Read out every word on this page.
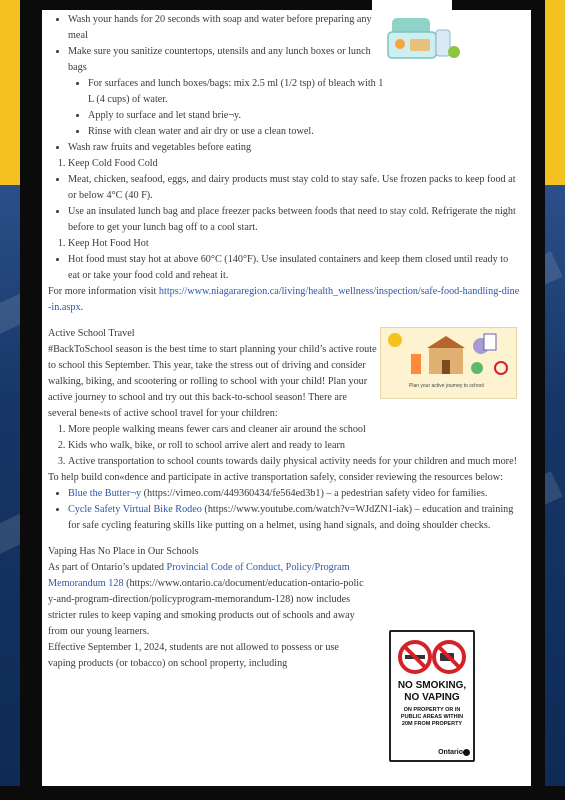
Plan your active journey to school
NO SMOKING,
NO VAPING
ON PROPERTY OR IN
PUBLIC AREAS WITHIN
20M FROM PROPERTY
Ontario
• Wash your hands for 20 seconds with soap and water before preparing any meal
• Make sure you sanitize countertops, utensils and any lunch boxes or lunch bags
• For surfaces and lunch boxes/bags: mix 2.5 ml (1/2 tsp) of bleach with 1 L (4 cups) of water.
• Apply to surface and let stand brie¬y.
• Rinse with clean water and air dry or use a clean towel.
• Wash raw fruits and vegetables before eating
1. Keep Cold Food Cold
• Meat, chicken, seafood, eggs, and dairy products must stay cold to stay safe. Use frozen packs to keep food at or below 4°C (40 F).
• Use an insulated lunch bag and place freezer packs between foods that need to stay cold. Refrigerate the night before to get your lunch bag off to a cool start.
1. Keep Hot Food Hot
• Hot food must stay hot at above 60°C (140°F). Use insulated containers and keep them closed until ready to eat or take your food cold and reheat it.

For more information visit https://www.niagararegion.ca/living/health_wellness/inspection/safe-food-handling-dine-in.aspx.

Active School Travel

#BackToSchool season is the best time to start planning your child’s active route to school this September. This year, take the stress out of driving and consider walking, biking, and scootering or rolling to school with your child! Plan your active journey to school and try out this back-to-school season! There are several bene«ts of active school travel for your children:

1. More people walking means fewer cars and cleaner air around the school
2. Kids who walk, bike, or roll to school arrive alert and ready to learn
3. Active transportation to school counts towards daily physical activity needs for your children and much more!

To help build con«dence and participate in active transportation safely, consider reviewing the resources below:

• Blue the Butter¬y (https://vimeo.com/449360434/fe564ed3b1) – a pedestrian safety video for families.
• Cycle Safety Virtual Bike Rodeo (https://www.youtube.com/watch?v=WJdZN1-iak) – education and training for safe cycling featuring skills like putting on a helmet, using hand signals, and doing shoulder checks.

Vaping Has No Place in Our Schools

As part of Ontario’s updated Provincial Code of Conduct, Policy/Program Memorandum 128 (https://www.ontario.ca/document/education-ontario-policy-and-program-direction/policyprogram-memorandum-128) now includes stricter rules to keep vaping and smoking products out of schools and away from our young learners.

Effective September 1, 2024, students are not allowed to possess or use vaping products (or tobacco) on school property, including
